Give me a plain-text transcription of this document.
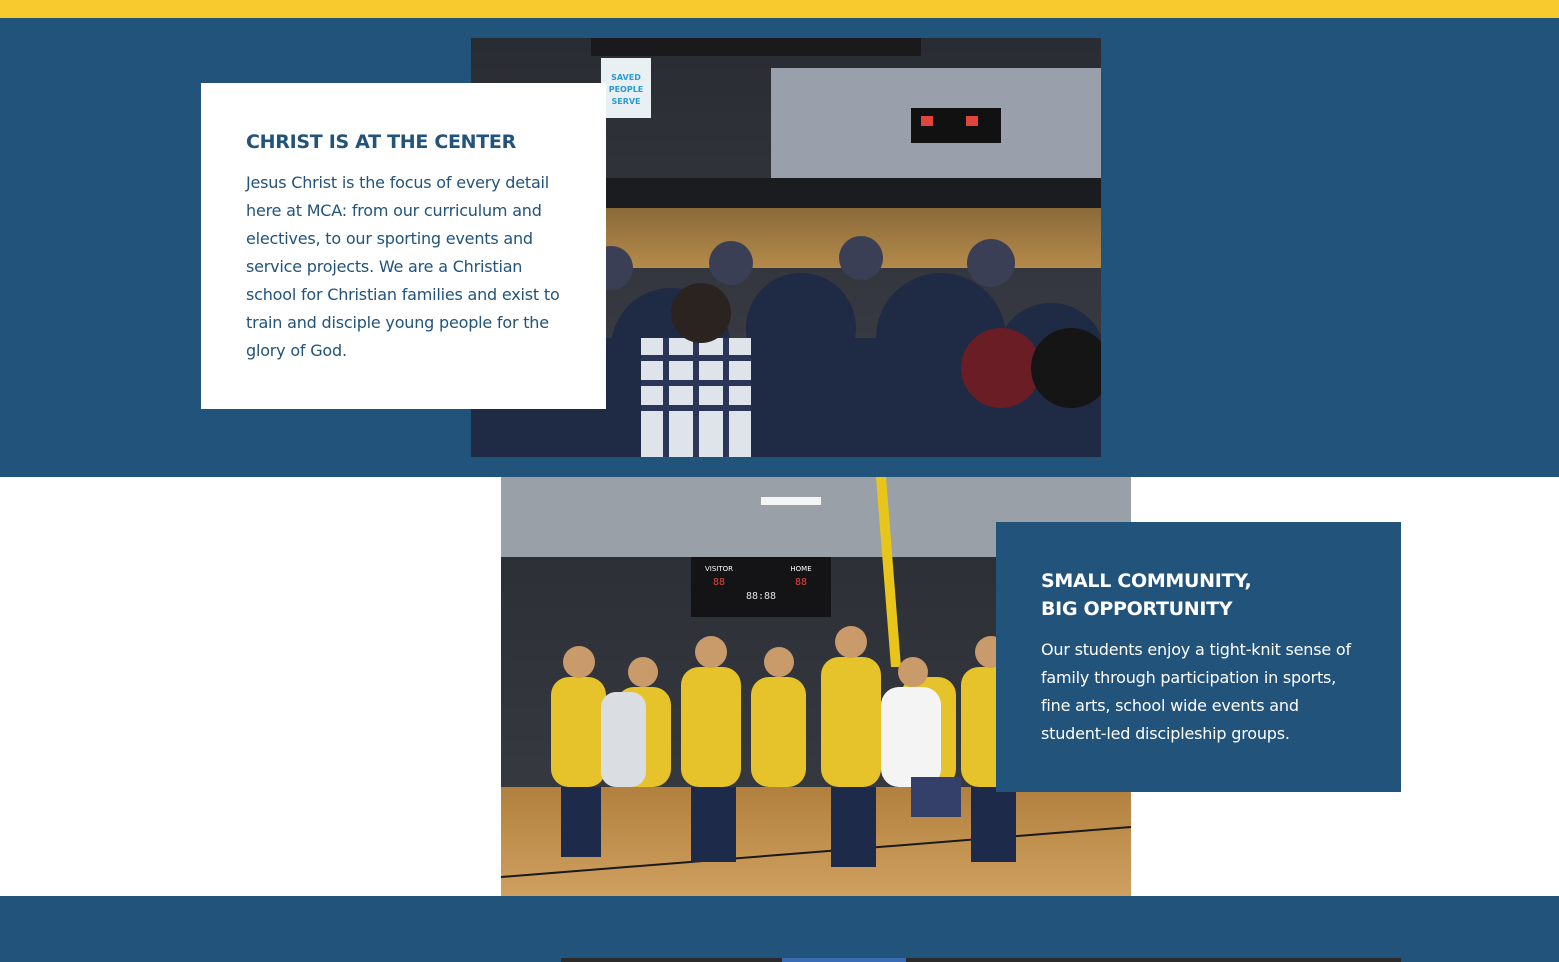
SAVED
PEOPLE
SERVE
CHRIST IS AT THE CENTER

Jesus Christ is the focus of every detail here at MCA: from our curriculum and electives, to our sporting events and service projects. We are a Christian school for Christian families and exist to train and disciple young people for the glory of God.

VISITOR	HOME
88	88
88:88
SMALL COMMUNITY,
BIG OPPORTUNITY

Our students enjoy a tight-knit sense of family through participation in sports, fine arts, school wide events and student-led discipleship groups.
